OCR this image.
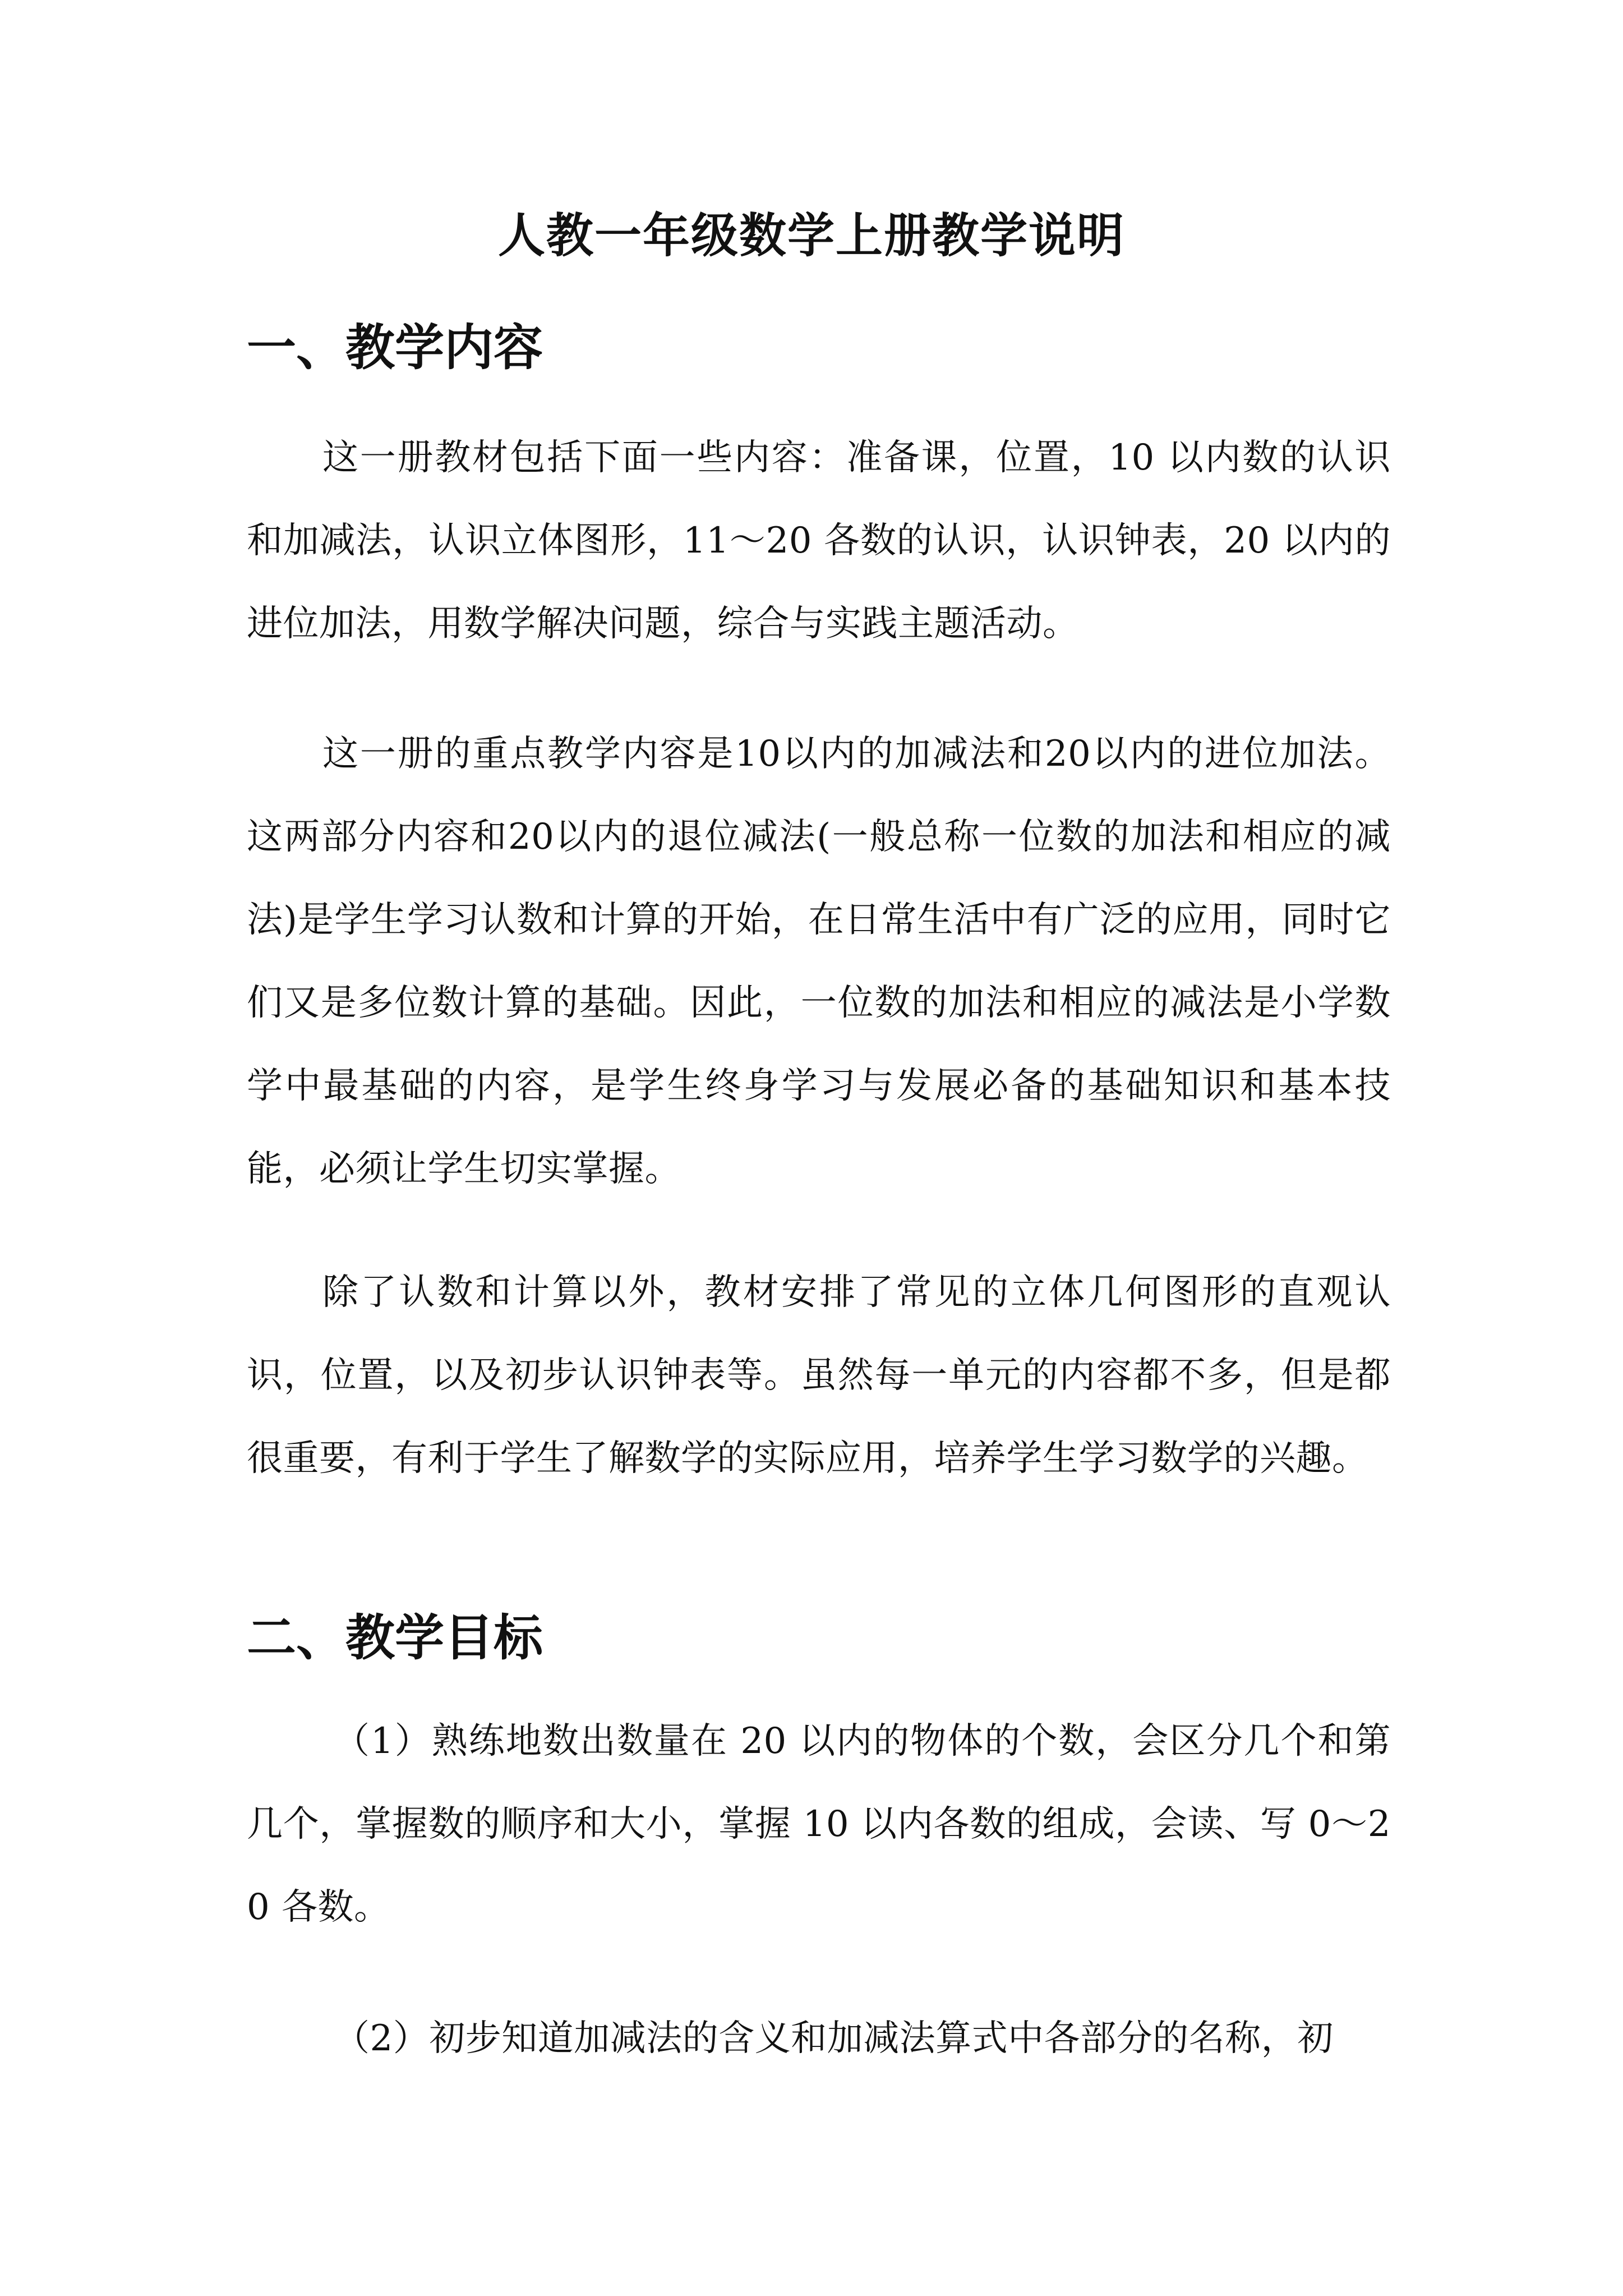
人教一年级数学上册教学说明
一、教学内容

这一册教材包括下面一些内容：准备课，位置，10 以内数的认识和加减法，认识立体图形，11～20 各数的认识，认识钟表，20 以内的进位加法，用数学解决问题，综合与实践主题活动。

这一册的重点教学内容是10以内的加减法和20以内的进位加法。这两部分内容和20以内的退位减法(一般总称一位数的加法和相应的减法)是学生学习认数和计算的开始，在日常生活中有广泛的应用，同时它们又是多位数计算的基础。因此，一位数的加法和相应的减法是小学数学中最基础的内容，是学生终身学习与发展必备的基础知识和基本技能，必须让学生切实掌握。

除了认数和计算以外，教材安排了常见的立体几何图形的直观认识，位置，以及初步认识钟表等。虽然每一单元的内容都不多，但是都很重要，有利于学生了解数学的实际应用，培养学生学习数学的兴趣。

二、教学目标

（1）熟练地数出数量在 20 以内的物体的个数，会区分几个和第几个，掌握数的顺序和大小，掌握 10 以内各数的组成，会读、写 0～20 各数。

（2）初步知道加减法的含义和加减法算式中各部分的名称，初
